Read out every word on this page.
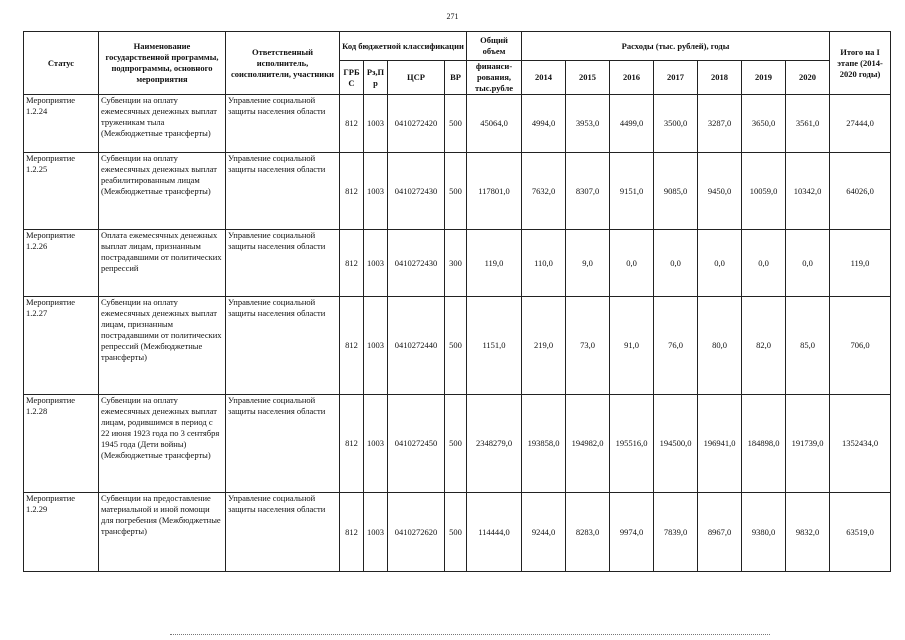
271
Статус	Наименование государственной программы, подпрограммы, основного мероприятия	Ответственный исполнитель, соисполнители, участники	Код бюджетной классификации				Общий объем	Расходы (тыс. рублей), годы							Итого на I этапе (2014-2020 годы)
			ГРБ С	Рз,П р	ЦСР	ВР	финанси-рования, тыс.рубле	2014	2015	2016	2017	2018	2019	2020	
Мероприятие 1.2.24	Субвенции на оплату ежемесячных денежных выплат труженикам тыла (Межбюджетные трансферты)	Управление социальной защиты населения области	812	1003	0410272420	500	45064,0	4994,0	3953,0	4499,0	3500,0	3287,0	3650,0	3561,0	27444,0
Мероприятие 1.2.25	Субвенции на оплату ежемесячных денежных выплат реабилитированным лицам (Межбюджетные трансферты)	Управление социальной защиты населения области	812	1003	0410272430	500	117801,0	7632,0	8307,0	9151,0	9085,0	9450,0	10059,0	10342,0	64026,0
Мероприятие 1.2.26	Оплата ежемесячных денежных выплат лицам, признанным пострадавшими от политических репрессий	Управление социальной защиты населения области	812	1003	0410272430	300	119,0	110,0	9,0	0,0	0,0	0,0	0,0	0,0	119,0
Мероприятие 1.2.27	Субвенции на оплату ежемесячных денежных выплат лицам, признанным пострадавшими от политических репрессий (Межбюджетные трансферты)	Управление социальной защиты населения области	812	1003	0410272440	500	1151,0	219,0	73,0	91,0	76,0	80,0	82,0	85,0	706,0
Мероприятие 1.2.28	Субвенции на оплату ежемесячных денежных выплат лицам, родившимся в период с 22 июня 1923 года по 3 сентября 1945 года (Дети войны) (Межбюджетные трансферты)	Управление социальной защиты населения области	812	1003	0410272450	500	2348279,0	193858,0	194982,0	195516,0	194500,0	196941,0	184898,0	191739,0	1352434,0
Мероприятие 1.2.29	Субвенции на предоставление материальной и иной помощи для погребения (Межбюджетные трансферты)	Управление социальной защиты населения области	812	1003	0410272620	500	114444,0	9244,0	8283,0	9974,0	7839,0	8967,0	9380,0	9832,0	63519,0
